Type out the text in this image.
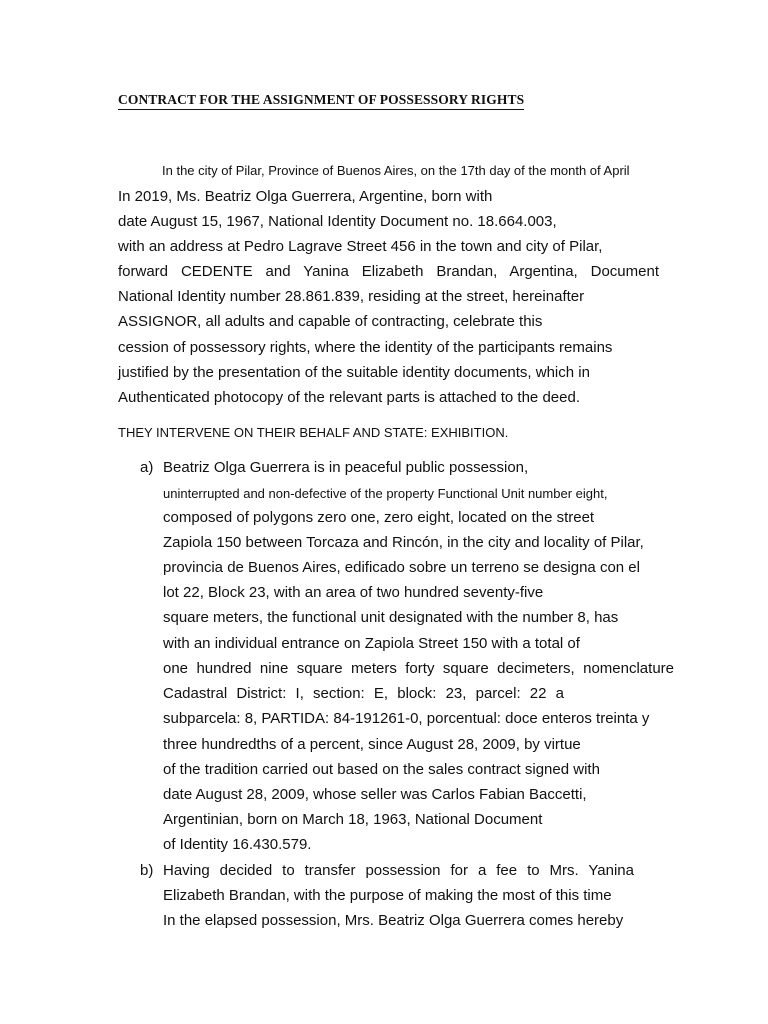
CONTRACT FOR THE ASSIGNMENT OF POSSESSORY RIGHTS
In the city of Pilar, Province of Buenos Aires, on the 17th day of the month of April
In 2019, Ms. Beatriz Olga Guerrera, Argentine, born with
date August 15, 1967, National Identity Document no. 18.664.003,
with an address at Pedro Lagrave Street 456 in the town and city of Pilar,
forward CEDENTE and Yanina Elizabeth Brandan, Argentina, Document
National Identity number 28.861.839, residing at the street, hereinafter
ASSIGNOR, all adults and capable of contracting, celebrate this
cession of possessory rights, where the identity of the participants remains
justified by the presentation of the suitable identity documents, which in
Authenticated photocopy of the relevant parts is attached to the deed.
THEY INTERVENE ON THEIR BEHALF AND STATE: EXHIBITION.
a) Beatriz Olga Guerrera is in peaceful public possession,
uninterrupted and non-defective of the property Functional Unit number eight,
composed of polygons zero one, zero eight, located on the street
Zapiola 150 between Torcaza and Rincón, in the city and locality of Pilar,
provincia de Buenos Aires, edificado sobre un terreno se designa con el
lot 22, Block 23, with an area of two hundred seventy-five
square meters, the functional unit designated with the number 8, has
with an individual entrance on Zapiola Street 150 with a total of
one hundred nine square meters forty square decimeters, nomenclature
Cadastral District: I, section: E, block: 23, parcel: 22 a
subparcela: 8, PARTIDA: 84-191261-0, porcentual: doce enteros treinta y
three hundredths of a percent, since August 28, 2009, by virtue
of the tradition carried out based on the sales contract signed with
date August 28, 2009, whose seller was Carlos Fabian Baccetti,
Argentinian, born on March 18, 1963, National Document
of Identity 16.430.579.
b) Having decided to transfer possession for a fee to Mrs. Yanina
Elizabeth Brandan, with the purpose of making the most of this time
In the elapsed possession, Mrs. Beatriz Olga Guerrera comes hereby
